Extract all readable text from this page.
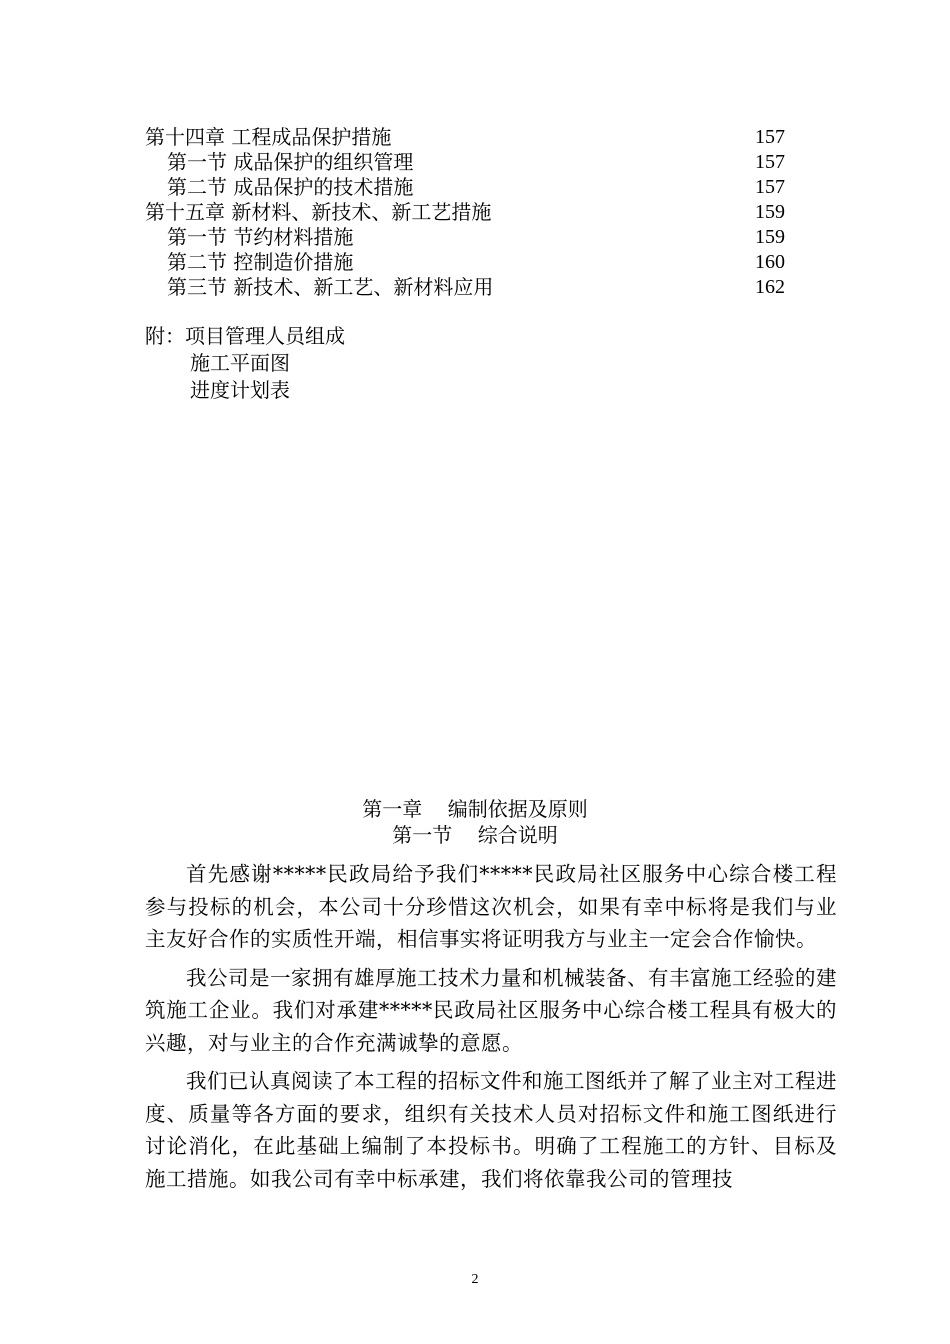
第十四章 工程成品保护措施	157
第一节 成品保护的组织管理	157
第二节 成品保护的技术措施	157
第十五章 新材料、新技术、新工艺措施	159
第一节 节约材料措施	159
第二节 控制造价措施	160
第三节 新技术、新工艺、新材料应用	162
附：项目管理人员组成
施工平面图
进度计划表
第一章    编制依据及原则
第一节    综合说明

首先感谢*****民政局给予我们*****民政局社区服务中心综合楼工程参与投标的机会，本公司十分珍惜这次机会，如果有幸中标将是我们与业主友好合作的实质性开端，相信事实将证明我方与业主一定会合作愉快。

我公司是一家拥有雄厚施工技术力量和机械装备、有丰富施工经验的建筑施工企业。我们对承建*****民政局社区服务中心综合楼工程具有极大的兴趣，对与业主的合作充满诚挚的意愿。

我们已认真阅读了本工程的招标文件和施工图纸并了解了业主对工程进度、质量等各方面的要求，组织有关技术人员对招标文件和施工图纸进行讨论消化，在此基础上编制了本投标书。明确了工程施工的方针、目标及施工措施。如我公司有幸中标承建，我们将依靠我公司的管理技

2
